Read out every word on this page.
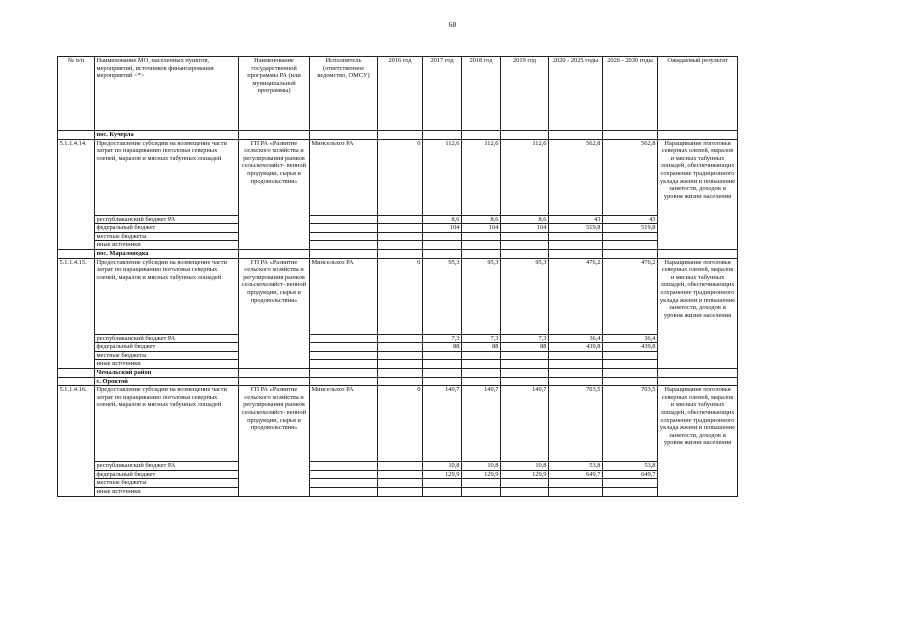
68
№ п/п	Наименование МО, населенных пунктов, мероприятий, источников финансирования мероприятий <*>	Наименование государственной программы РА (или муниципальной программы)	Исполнитель (ответственное ведомство, ОМСУ)	2016 год	2017 год	2018 год	2019 год	2020 - 2025 годы	2026 - 2030 годы	Ожидаемый результат
	пос. Кучерла									
5.1.1.4.14.	Предоставление субсидии на возмещение части затрат по наращиванию поголовья северных оленей, маралов и мясных табунных лошадей	ГП РА «Развитие сельского хозяйства и регулирования рынков сельскохозяйст- венной продукции, сырья и продовольствия»	Минсельхоз РА	0	112,6	112,6	112,6	562,8	562,8	Наращивание поголовья северных оленей, маралов и мясных табунных лошадей, обеспечивающих сохранение традиционного уклада жизни и повышение занятости, доходов и уровня жизни населения
	республиканский бюджет РА				8,6	8,6	8,6	43	43	
	федеральный бюджет				104	104	104	519,8	519,8	
	местные бюджеты									
	иные источники									
	пос. Мараловодка									
5.1.1.4.15.	Предоставление субсидии на возмещение части затрат по наращиванию поголовья северных оленей, маралов и мясных табунных лошадей	ГП РА «Развитие сельского хозяйства и регулирования рынков сельскохозяйст- венной продукции, сырья и продовольствия»	Минсельхоз РА	0	95,3	95,3	95,3	476,2	476,2	Наращивание поголовья северных оленей, маралов и мясных табунных лошадей, обеспечивающих сохранение традиционного уклада жизни и повышение занятости, доходов и уровня жизни населения
	республиканский бюджет РА				7,3	7,3	7,3	36,4	36,4	
	федеральный бюджет				88	88	88	439,8	439,8	
	местные бюджеты									
	иные источники									
	Чемальский район									
	с. Ороктой									
5.1.1.4.16.	Предоставление субсидии на возмещение части затрат по наращиванию поголовья северных оленей, маралов и мясных табунных лошадей	ГП РА «Развитие сельского хозяйства и регулирования рынков сельскохозяйст- венной продукции, сырья и продовольствия»	Минсельхоз РА	0	140,7	140,7	140,7	703,5	703,5	Наращивание поголовья северных оленей, маралов и мясных табунных лошадей, обеспечивающих сохранение традиционного уклада жизни и повышение занятости, доходов и уровня жизни населения
	республиканский бюджет РА				10,8	10,8	10,8	53,8	53,8	
	федеральный бюджет				129,9	129,9	129,9	649,7	649,7	
	местные бюджеты									
	иные источники									
